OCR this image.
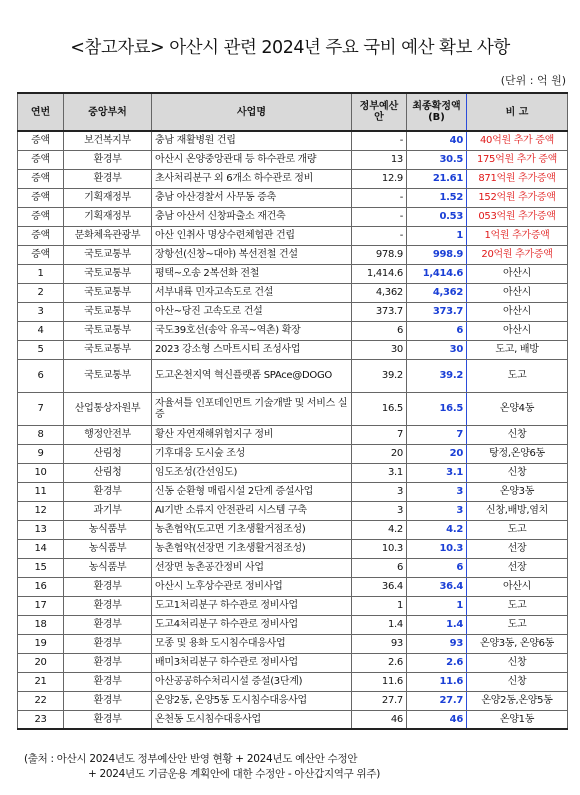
<참고자료> 아산시 관련 2024년 주요 국비 예산 확보 사항
(단위 : 억 원)
연번	중앙부처	사업명	정부예산안	최종확정액(B)	비 고
증액	보건복지부	충남 재활병원 건립	-	40	40억원 추가 증액
증액	환경부	아산시 온양중앙관대 등 하수관로 개량	13	30.5	175억원 추가 증액
증액	환경부	초사처리분구 외 6개소 하수관로 정비	12.9	21.61	871억원 추가증액
증액	기획재정부	충남 아산경찰서 사무동 증축	-	1.52	152억원 추가증액
증액	기획재정부	충남 아산서 신창파출소 재건축	-	0.53	053억원 추가증액
증액	문화체육관광부	아산 인취사 명상수련체험관 건립	-	1	1억원 추가증액
증액	국토교통부	장항선(신창~대야) 복선전철 건설	978.9	998.9	20억원 추가증액
1	국토교통부	평택~오송 2복선화 전철	1,414.6	1,414.6	아산시
2	국토교통부	서부내륙 민자고속도로 건설	4,362	4,362	아산시
3	국토교통부	아산~당진 고속도로 건설	373.7	373.7	아산시
4	국토교통부	국도39호선(송악 유곡~역촌) 확장	6	6	아산시
5	국토교통부	2023 강소형 스마트시티 조성사업	30	30	도고, 배방
6	국토교통부	도고온천지역 혁신플랫폼 SPAce@DOGO	39.2	39.2	도고
7	산업통상자원부	자율셔틀 인포데인먼트 기술개발 및 서비스 실증	16.5	16.5	온양4동
8	행정안전부	황산 자연재해위험지구 정비	7	7	신창
9	산림청	기후대응 도시숲 조성	20	20	탕정,온양6동
10	산림청	임도조성(간선임도)	3.1	3.1	신창
11	환경부	신동 순환형 매립시설 2단계 증설사업	3	3	온양3동
12	과기부	AI기반 소류지 안전관리 시스템 구축	3	3	신창,배방,염치
13	농식품부	농촌협약(도고면 기초생활거점조성)	4.2	4.2	도고
14	농식품부	농촌협약(선장면 기초생활거점조성)	10.3	10.3	선장
15	농식품부	선장면 농촌공간정비 사업	6	6	선장
16	환경부	아산시 노후상수관로 정비사업	36.4	36.4	아산시
17	환경부	도고1처리분구 하수관로 정비사업	1	1	도고
18	환경부	도고4처리분구 하수관로 정비사업	1.4	1.4	도고
19	환경부	모종 및 용화 도시침수대응사업	93	93	온양3동, 온양6동
20	환경부	배미3처리분구 하수관로 정비사업	2.6	2.6	신창
21	환경부	아산공공하수처리시설 증설(3단계)	11.6	11.6	신창
22	환경부	온양2동, 온양5동 도시침수대응사업	27.7	27.7	온양2동,온양5동
23	환경부	온천동 도시침수대응사업	46	46	온양1동
(출처 : 아산시 2024년도 정부예산안 반영 현황 + 2024년도 예산안 수정안
+ 2024년도 기금운용 계획안에 대한 수정안 - 아산갑지역구 위주)
